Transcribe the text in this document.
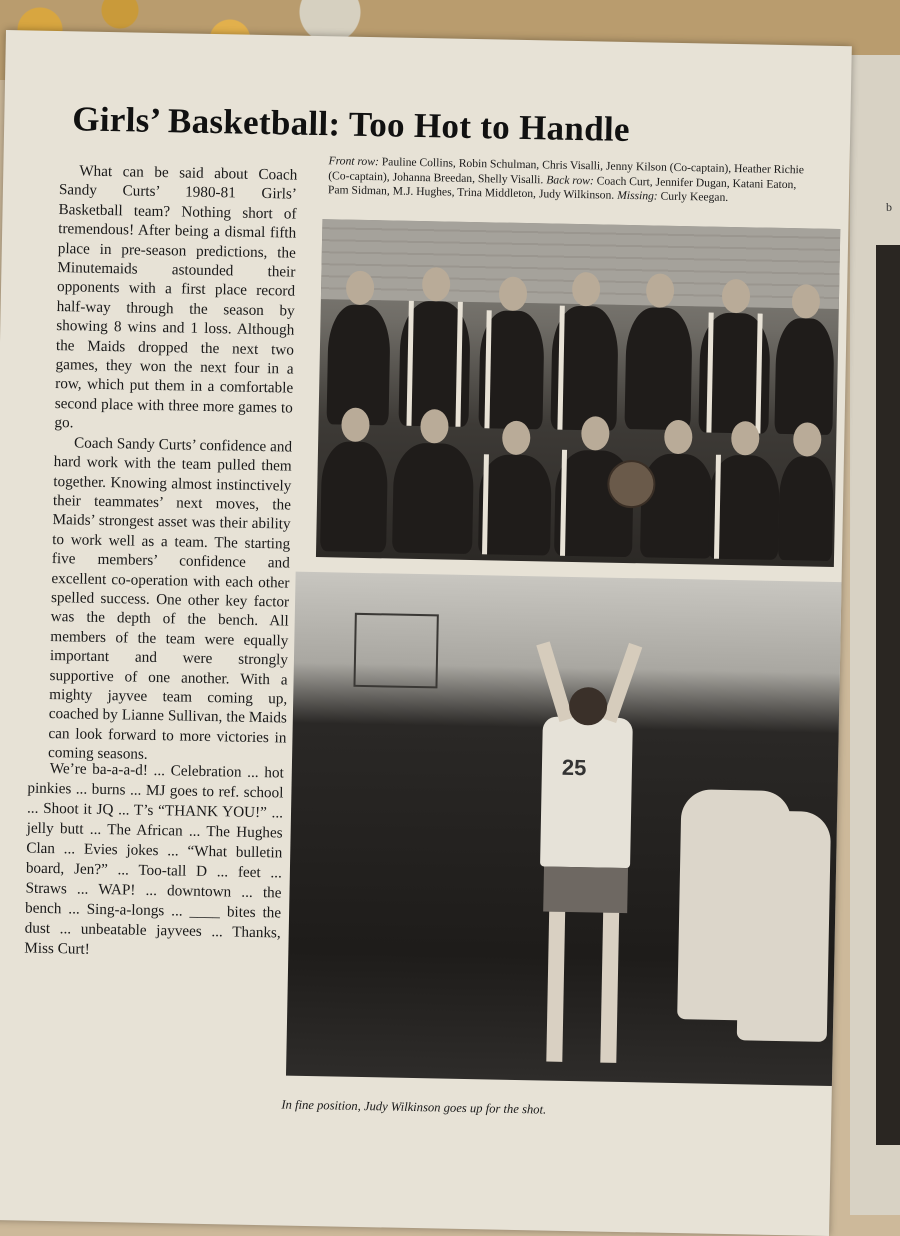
b
Girls’ Basketball: Too Hot to Handle

What can be said about Coach Sandy Curts’ 1980-81 Girls’ Basketball team? Nothing short of tremendous! After being a dismal fifth place in pre-season predictions, the Minutemaids astounded their opponents with a first place record half-way through the season by showing 8 wins and 1 loss. Although the Maids dropped the next two games, they won the next four in a row, which put them in a comfortable second place with three more games to go.

Coach Sandy Curts’ confidence and hard work with the team pulled them together. Knowing almost instinctively their teammates’ next moves, the Maids’ strongest asset was their ability to work well as a team. The starting five members’ confidence and excellent co-operation with each other spelled success. One other key factor was the depth of the bench. All members of the team were equally important and were strongly supportive of one another. With a mighty jayvee team coming up, coached by Lianne Sullivan, the Maids can look forward to more victories in coming seasons.

We’re ba-a-a-d! ... Celebration ... hot pinkies ... burns ... MJ goes to ref. school ... Shoot it JQ ... T’s “THANK YOU!” ... jelly butt ... The African ... The Hughes Clan ... Evies jokes ... “What bulletin board, Jen?” ... Too-tall D ... feet ... Straws ... WAP! ... downtown ... the bench ... Sing-a-longs ... ____ bites the dust ... unbeatable jayvees ... Thanks, Miss Curt!
Front row: Pauline Collins, Robin Schulman, Chris Visalli, Jenny Kilson (Co-captain), Heather Richie (Co-captain), Johanna Breedan, Shelly Visalli. Back row: Coach Curt, Jennifer Dugan, Katani Eaton, Pam Sidman, M.J. Hughes, Trina Middleton, Judy Wilkinson. Missing: Curly Keegan.
25
In fine position, Judy Wilkinson goes up for the shot.
